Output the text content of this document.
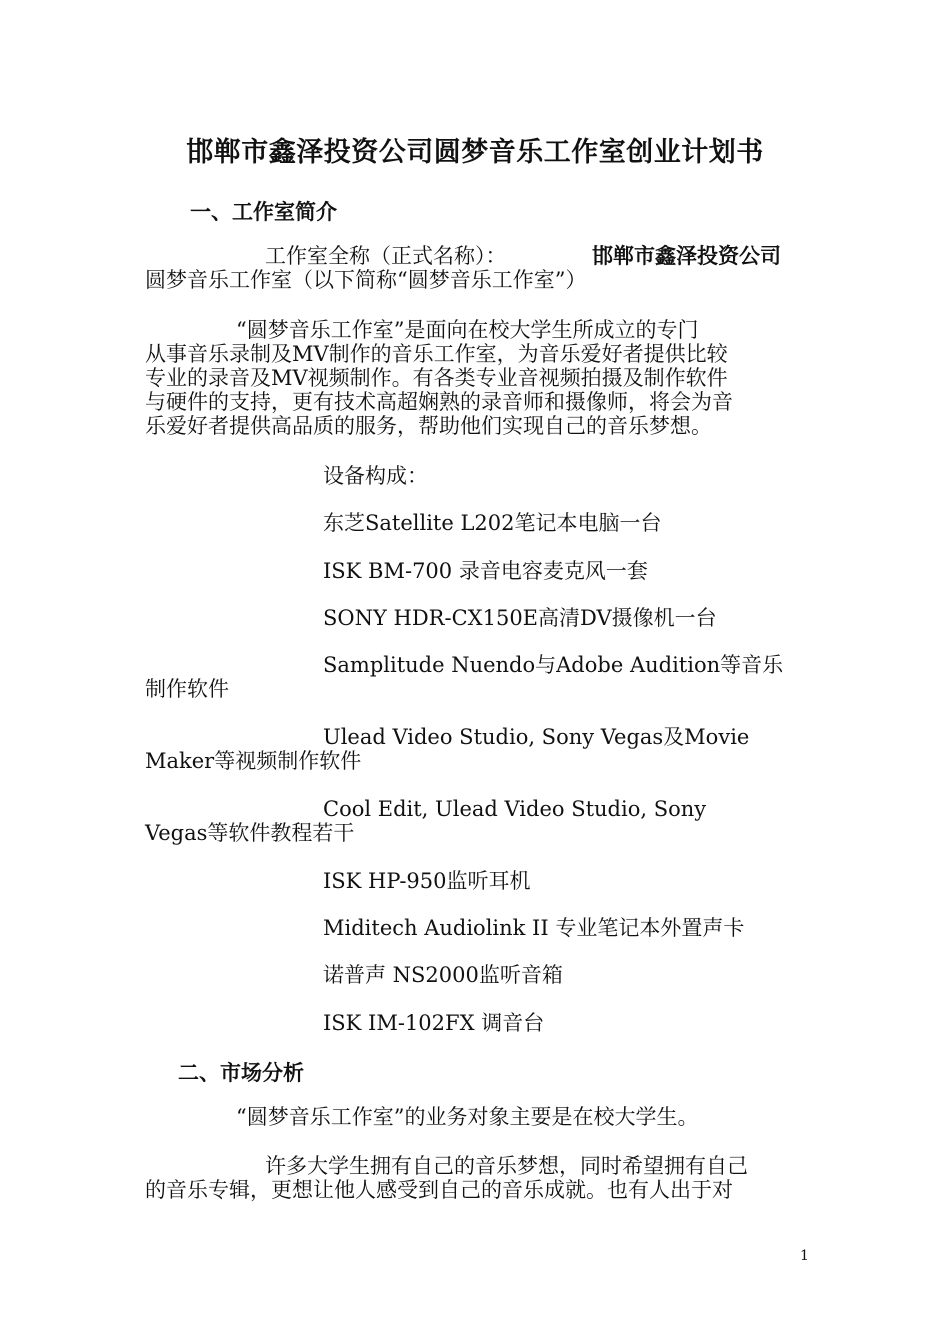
邯郸市鑫泽投资公司圆梦音乐工作室创业计划书
一、工作室简介
工作室全称（正式名称）：	邯郸市鑫泽投资公司
圆梦音乐工作室（以下简称“圆梦音乐工作室”）
“圆梦音乐工作室”是面向在校大学生所成立的专门
从事音乐录制及MV制作的音乐工作室，为音乐爱好者提供比较
专业的录音及MV视频制作。有各类专业音视频拍摄及制作软件
与硬件的支持，更有技术高超娴熟的录音师和摄像师，将会为音
乐爱好者提供高品质的服务，帮助他们实现自己的音乐梦想。
设备构成：
东芝Satellite L202笔记本电脑一台
ISK BM-700 录音电容麦克风一套
SONY HDR-CX150E高清DV摄像机一台
Samplitude Nuendo与Adobe Audition等音乐
制作软件
Ulead Video Studio, Sony Vegas及Movie
Maker等视频制作软件
Cool Edit, Ulead Video Studio, Sony
Vegas等软件教程若干
ISK HP-950监听耳机
Miditech Audiolink II 专业笔记本外置声卡
诺普声 NS2000监听音箱
ISK IM-102FX 调音台
二、市场分析
“圆梦音乐工作室”的业务对象主要是在校大学生。
许多大学生拥有自己的音乐梦想，同时希望拥有自己
的音乐专辑，更想让他人感受到自己的音乐成就。也有人出于对
1
